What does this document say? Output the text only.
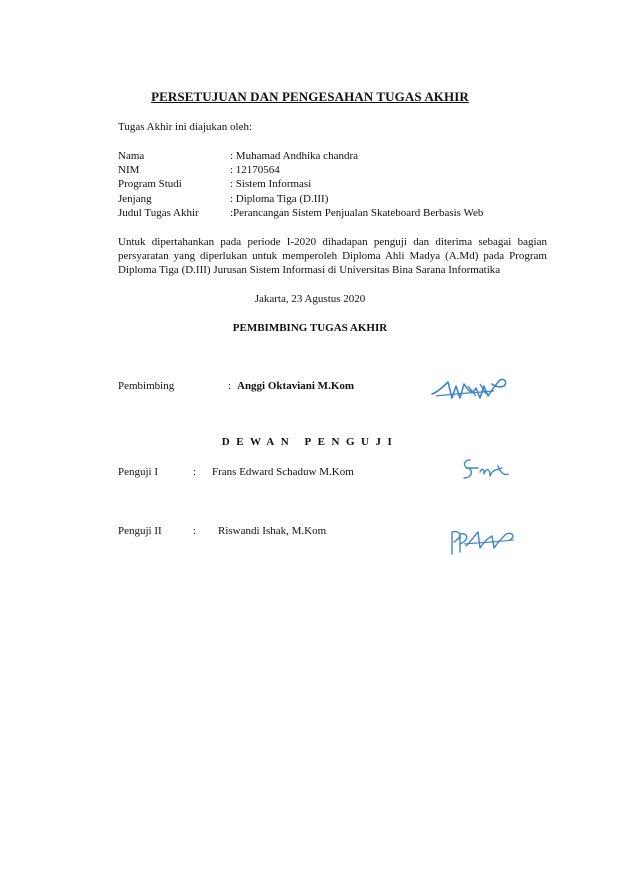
PERSETUJUAN DAN PENGESAHAN TUGAS AKHIR
Tugas Akhir ini diajukan oleh:
Nama	: Muhamad Andhika chandra
NIM	: 12170564
Program Studi	: Sistem Informasi
Jenjang	: Diploma Tiga (D.III)
Judul Tugas Akhir	:Perancangan Sistem Penjualan Skateboard Berbasis Web
Untuk dipertahankan pada periode I-2020 dihadapan penguji dan diterima sebagai bagian persyaratan yang diperlukan untuk memperoleh Diploma Ahli Madya (A.Md) pada Program Diploma Tiga (D.III) Jurusan Sistem Informasi di Universitas Bina Sarana Informatika
Jakarta, 23 Agustus 2020
PEMBIMBING TUGAS AKHIR
Pembimbing	: Anggi Oktaviani M.Kom
DEWAN PENGUJI
Penguji I	: Frans Edward Schaduw M.Kom
Penguji II	: Riswandi Ishak, M.Kom
